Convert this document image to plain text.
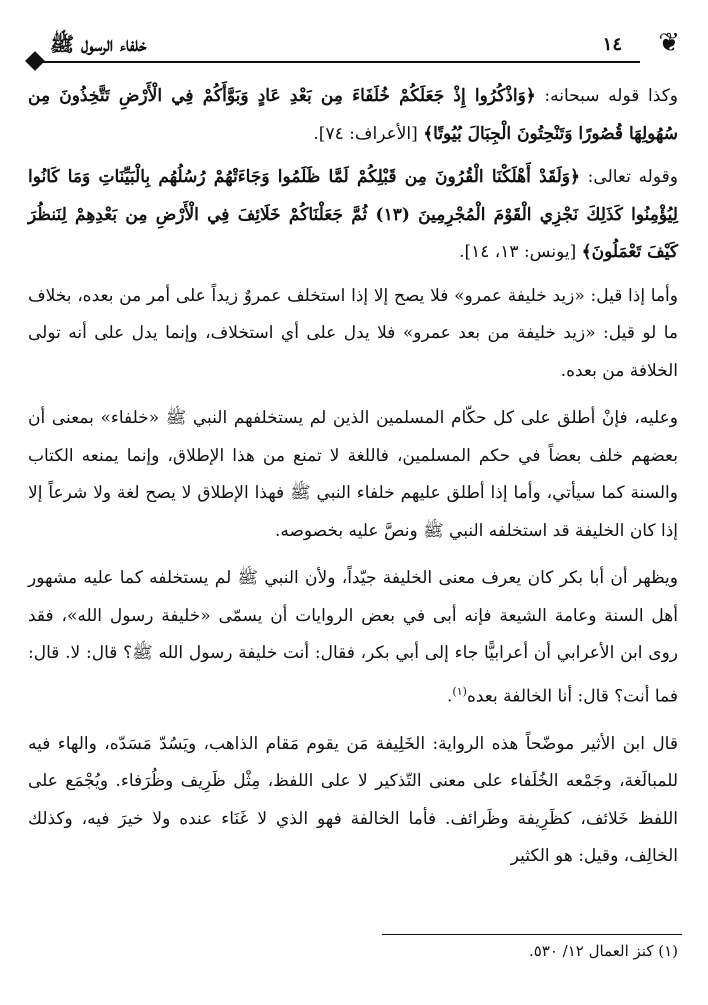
خلفاء الرسول ﷺ	١٤ ❦

وكذا قوله سبحانه: ﴿وَاذْكُرُوا إِذْ جَعَلَكُمْ خُلَفَاءَ مِن بَعْدِ عَادٍ وَبَوَّأَكُمْ فِي الْأَرْضِ تَتَّخِذُونَ مِن سُهُولِهَا قُصُورًا وَتَنْحِتُونَ الْجِبَالَ بُيُوتًا﴾ [الأعراف: ٧٤].

وقوله تعالى: ﴿وَلَقَدْ أَهْلَكْنَا الْقُرُونَ مِن قَبْلِكُمْ لَمَّا ظَلَمُوا وَجَاءَتْهُمْ رُسُلُهُم بِالْبَيِّنَاتِ وَمَا كَانُوا لِيُؤْمِنُوا كَذَلِكَ نَجْزِي الْقَوْمَ الْمُجْرِمِينَ (١٣) ثُمَّ جَعَلْنَاكُمْ خَلَائِفَ فِي الْأَرْضِ مِن بَعْدِهِمْ لِنَنظُرَ كَيْفَ تَعْمَلُونَ﴾ [يونس: ١٣، ١٤].

وأما إذا قيل: «زيد خليفة عمرو» فلا يصح إلا إذا استخلف عمروٌ زيداً على أمر من بعده، بخلاف ما لو قيل: «زيد خليفة من بعد عمرو» فلا يدل على أي استخلاف، وإنما يدل على أنه تولى الخلافة من بعده.

وعليه، فإنْ أطلق على كل حكّام المسلمين الذين لم يستخلفهم النبي ﷺ «خلفاء» بمعنى أن بعضهم خلف بعضاً في حكم المسلمين، فاللغة لا تمنع من هذا الإطلاق، وإنما يمنعه الكتاب والسنة كما سيأتي، وأما إذا أطلق عليهم خلفاء النبي ﷺ فهذا الإطلاق لا يصح لغة ولا شرعاً إلا إذا كان الخليفة قد استخلفه النبي ﷺ ونصَّ عليه بخصوصه.

ويظهر أن أبا بكر كان يعرف معنى الخليفة جيّداً، ولأن النبي ﷺ لم يستخلفه كما عليه مشهور أهل السنة وعامة الشيعة فإنه أبى في بعض الروايات أن يسمّى «خليفة رسول الله»، فقد روى ابن الأعرابي أن أعرابيًّا جاء إلى أبي بكر، فقال: أنت خليفة رسول الله ﷺ؟ قال: لا. قال: فما أنت؟ قال: أنا الخالفة بعده$^{(١)}$.

قال ابن الأثير موضّحاً هذه الرواية: الخَلِيفة مَن يقوم مَقام الذاهب، ويَسُدّ مَسَدّه، والهاء فيه للمبالَغة، وجَمْعه الخُلَفاء على معنى التّذكير لا على اللفظ، مِثْل ظَرِيف وظُرَفاء. ويُجْمَع على اللفظ خَلائف، كظَرِيفة وظَرائف. فأما الخالفة فهو الذي لا غَنَاء عنده ولا خيرَ فيه، وكذلك الخالِف، وقيل: هو الكثير

(١) كنز العمال ١٢/ ٥٣٠.
